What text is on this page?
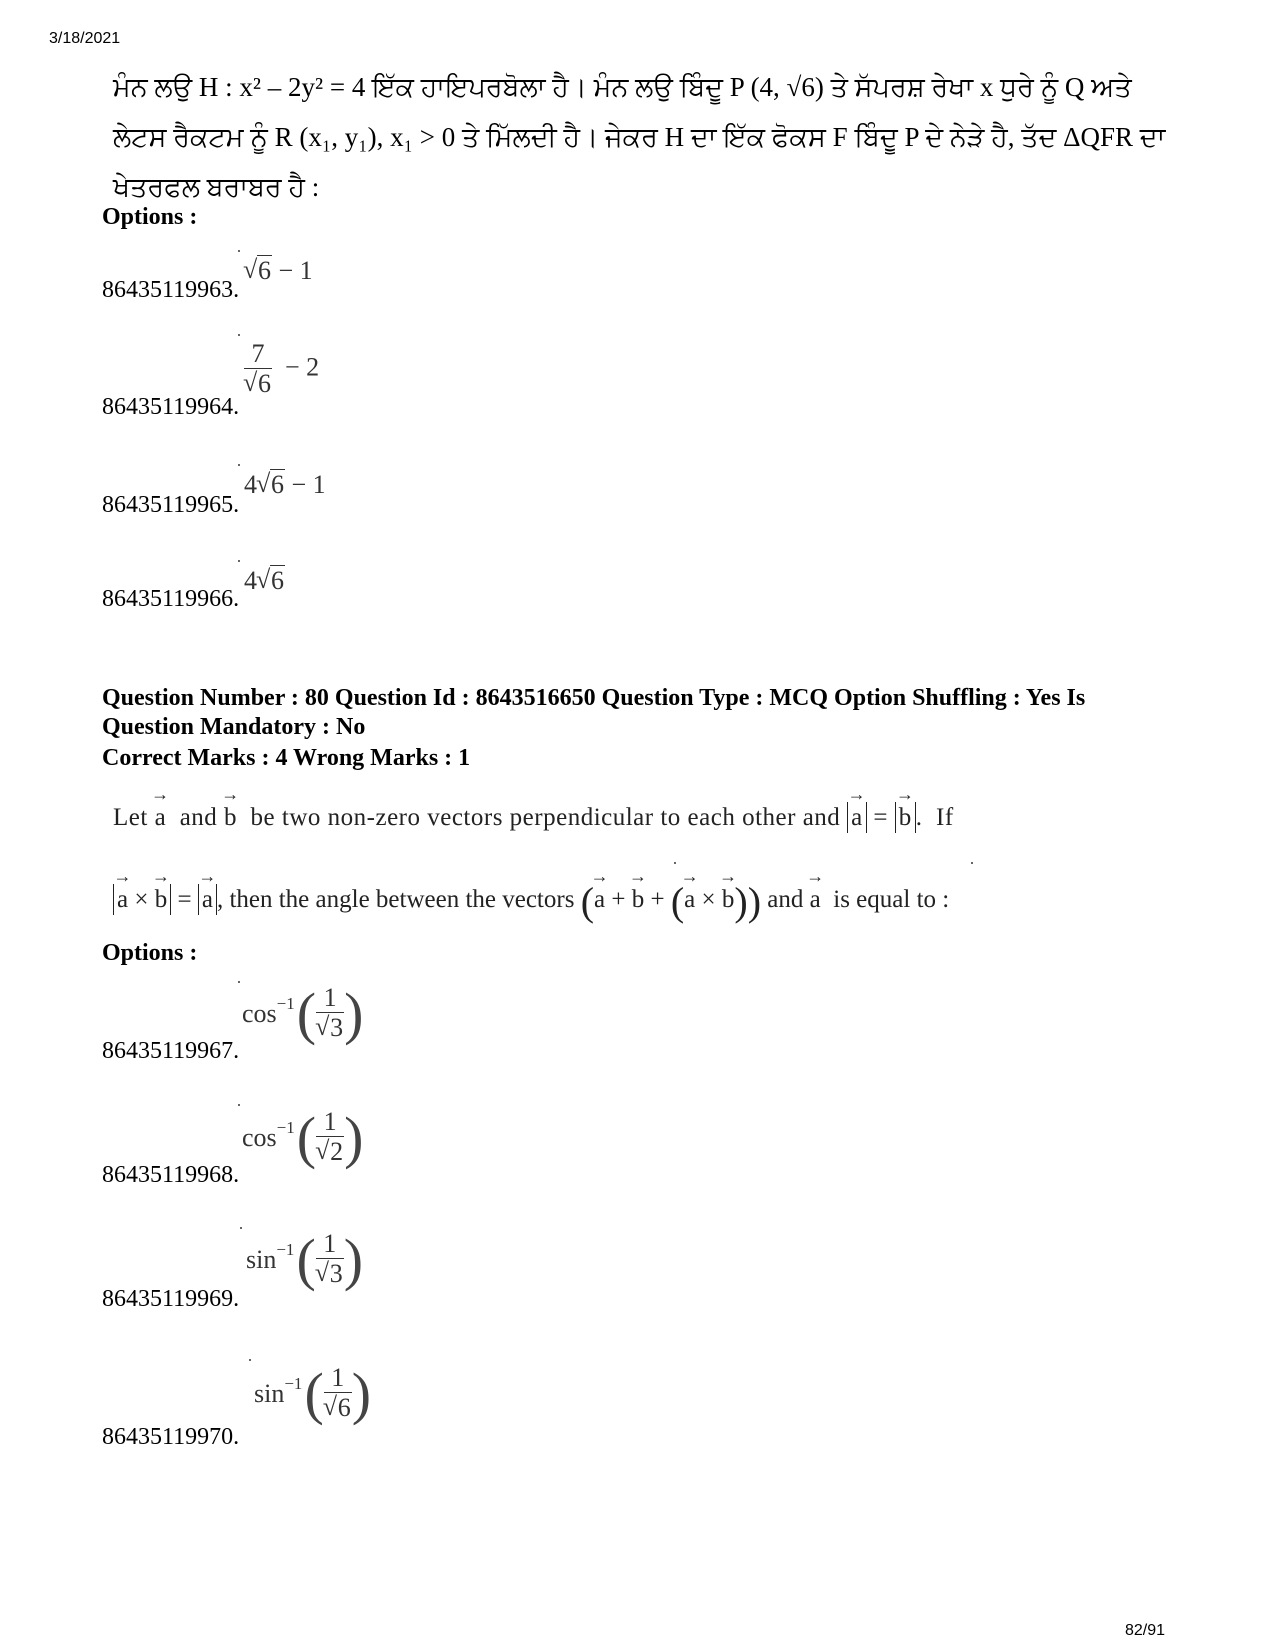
3/18/2021
ਮੰਨ ਲਉ H : x² – 2y² = 4 ਇੱਕ ਹਾਇਪਰਬੋਲਾ ਹੈ। ਮੰਨ ਲਉ ਬਿੰਦੂ P (4, √6) ਤੇ ਸੱਪਰਸ਼ ਰੇਖਾ x ਧੁਰੇ ਨੂੰ Q ਅਤੇ
ਲੇਟਸ ਰੈਕਟਮ ਨੂੰ R (x₁, y₁), x₁ > 0 ਤੇ ਮਿੱਲਦੀ ਹੈ। ਜੇਕਰ H ਦਾ ਇੱਕ ਫੋਕਸ F ਬਿੰਦੂ P ਦੇ ਨੇੜੇ ਹੈ, ਤੱਦ ΔQFR ਦਾ
ਖੇਤਰਫਲ ਬਰਾਬਰ ਹੈ :
Options :
√ 6 − 1
86435119963.
7
√ 6 − 2
86435119964.
4 √ 6 − 1
86435119965.
4 √ 6
86435119966.
Question Number : 80 Question Id : 8643516650 Question Type : MCQ Option Shuffling : Yes Is
Question Mandatory : No
Correct Marks : 4 Wrong Marks : 1
Let
→
a  and
→
b  be two non-zero vectors perpendicular to each other and
→
a =
→
b .  If
→
a ×
→
b =
→
a , then the angle between the vectors (
→
a +
→
b + (
→
a ×
→
b)) and
→
a  is equal to :
Options :
cos −1 ( 1
√ 3 )
86435119967.
cos −1 ( 1
√ 2 )
86435119968.
sin −1 ( 1
√ 3 )
86435119969.
sin −1 ( 1
√ 6 )
86435119970.
82/91
